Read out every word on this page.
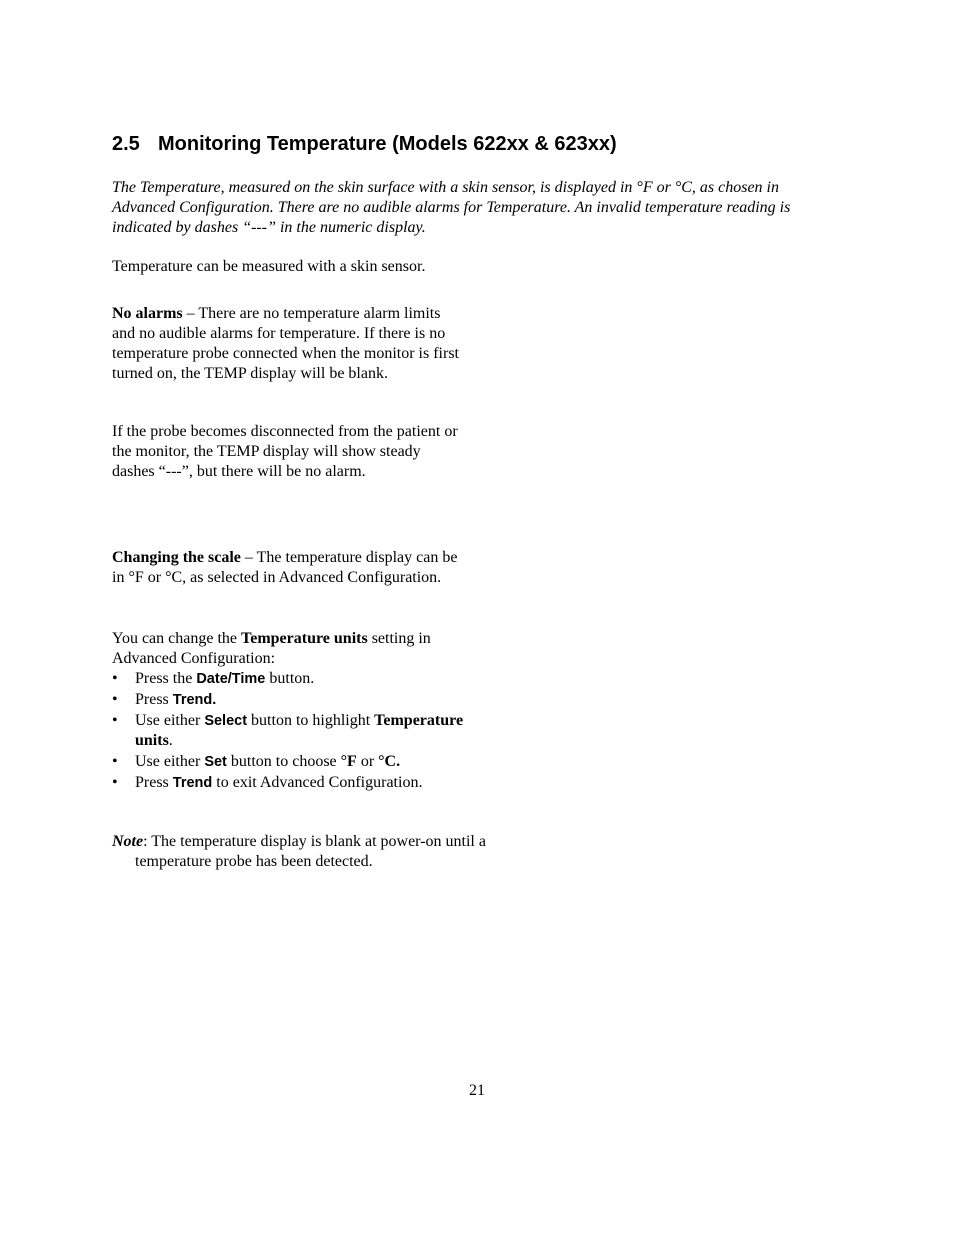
2.5 Monitoring Temperature (Models 622xx & 623xx)

The Temperature, measured on the skin surface with a skin sensor, is displayed in °F or °C, as chosen in Advanced Configuration. There are no audible alarms for Temperature. An invalid temperature reading is indicated by dashes “---” in the numeric display.

Temperature can be measured with a skin sensor.

No alarms – There are no temperature alarm limits and no audible alarms for temperature. If there is no temperature probe connected when the monitor is first turned on, the TEMP display will be blank.

If the probe becomes disconnected from the patient or the monitor, the TEMP display will show steady dashes “---”, but there will be no alarm.

Changing the scale – The temperature display can be in °F or °C, as selected in Advanced Configuration.

You can change the Temperature units setting in Advanced Configuration:

• Press the Date/Time button.
• Press Trend.
• Use either Select button to highlight Temperature units.
• Use either Set button to choose °F or °C.
• Press Trend to exit Advanced Configuration.

Note: The temperature display is blank at power-on until a temperature probe has been detected.

21
